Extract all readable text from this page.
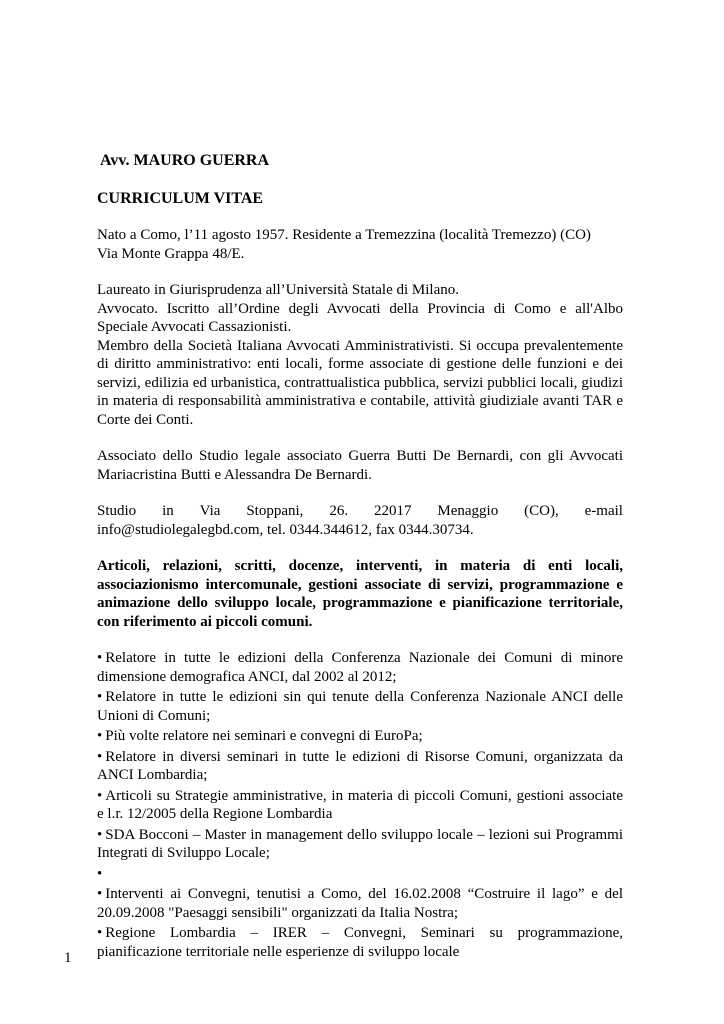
Avv. MAURO GUERRA
CURRICULUM VITAE

Nato a Como, l’11 agosto 1957. Residente a Tremezzina (località Tremezzo) (CO)

Via Monte Grappa 48/E.

Laureato in Giurisprudenza all’Università Statale di Milano.

Avvocato. Iscritto all’Ordine degli Avvocati della Provincia di Como e all'Albo Speciale Avvocati Cassazionisti.

Membro della Società Italiana Avvocati Amministrativisti. Si occupa prevalentemente di diritto amministrativo: enti locali, forme associate di gestione delle funzioni e dei servizi, edilizia ed urbanistica, contrattualistica pubblica, servizi pubblici locali, giudizi in materia di responsabilità amministrativa e contabile, attività giudiziale avanti TAR e Corte dei Conti.

Associato dello Studio legale associato Guerra Butti De Bernardi, con gli Avvocati Mariacristina Butti e Alessandra De Bernardi.

Studio in Via Stoppani, 26. 22017 Menaggio (CO), e-mail

info@studiolegalegbd.com, tel. 0344.344612, fax 0344.30734.

Articoli, relazioni, scritti, docenze, interventi, in materia di enti locali, associazionismo intercomunale, gestioni associate di servizi, programmazione e animazione dello sviluppo locale, programmazione e pianificazione territoriale, con riferimento ai piccoli comuni.

• Relatore in tutte le edizioni della Conferenza Nazionale dei Comuni di minore dimensione demografica ANCI, dal 2002 al 2012;
• Relatore in tutte le edizioni sin qui tenute della Conferenza Nazionale ANCI delle Unioni di Comuni;
• Più volte relatore nei seminari e convegni di EuroPa;
• Relatore in diversi seminari in tutte le edizioni di Risorse Comuni, organizzata da ANCI Lombardia;
• Articoli su Strategie amministrative, in materia di piccoli Comuni, gestioni associate e l.r. 12/2005 della Regione Lombardia
• SDA Bocconi – Master in management dello sviluppo locale – lezioni sui Programmi Integrati di Sviluppo Locale;
•
• Interventi ai Convegni, tenutisi a Como, del 16.02.2008 “Costruire il lago” e del 20.09.2008 "Paesaggi sensibili" organizzati da Italia Nostra;
• Regione Lombardia – IRER – Convegni, Seminari su programmazione, pianificazione territoriale nelle esperienze di sviluppo locale
1
